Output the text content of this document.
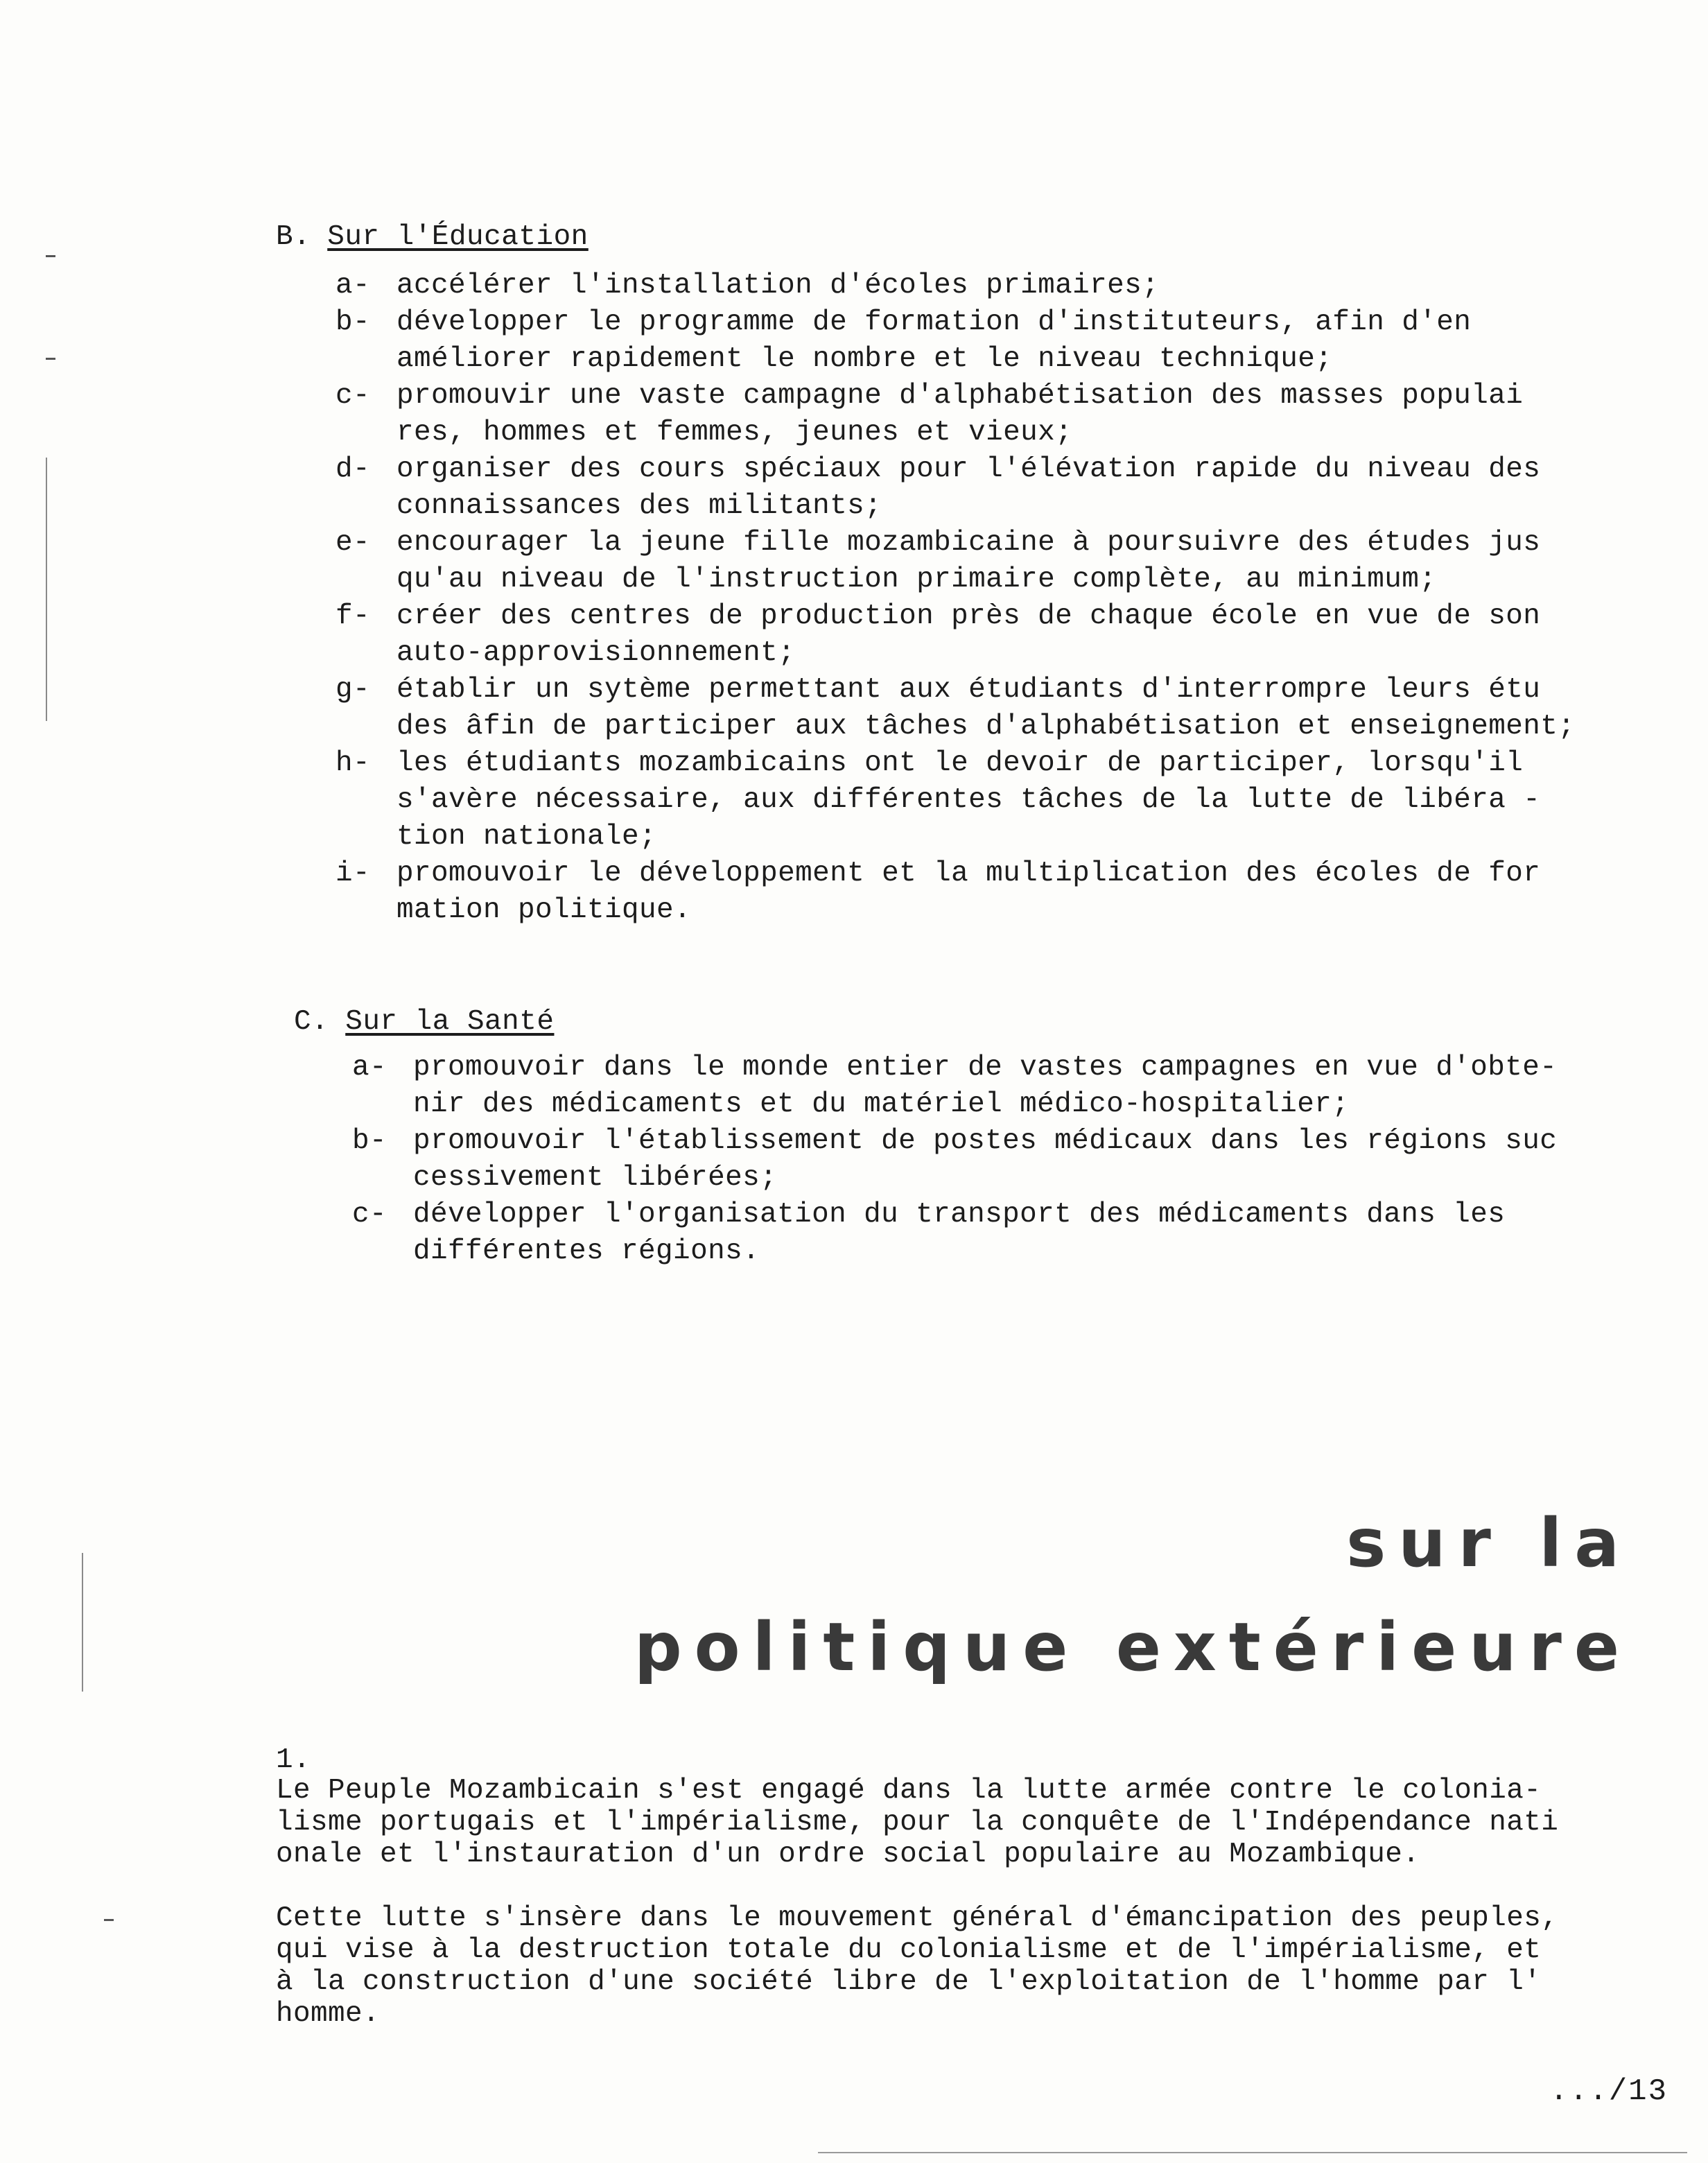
B. Sur l'Éducation
a- accélérer l'installation d'écoles primaires;
b- développer le programme de formation d'instituteurs, afin d'en
améliorer rapidement le nombre et le niveau technique;
c- promouvir une vaste campagne d'alphabétisation des masses populai
res, hommes et femmes, jeunes et vieux;
d- organiser des cours spéciaux pour l'élévation rapide du niveau des
connaissances des militants;
e- encourager la jeune fille mozambicaine à poursuivre des études jus
qu'au niveau de l'instruction primaire complète, au minimum;
f- créer des centres de production près de chaque école en vue de son
auto-approvisionnement;
g- établir un sytème permettant aux étudiants d'interrompre leurs étu
des âfin de participer aux tâches d'alphabétisation et enseignement;
h- les étudiants mozambicains ont le devoir de participer, lorsqu'il
s'avère nécessaire, aux différentes tâches de la lutte de libéra -
tion nationale;
i- promouvoir le développement et la multiplication des écoles de for
mation politique.
C. Sur la Santé
a- promouvoir dans le monde entier de vastes campagnes en vue d'obte-
nir des médicaments et du matériel médico-hospitalier;
b- promouvoir l'établissement de postes médicaux dans les régions suc
cessivement libérées;
c- développer l'organisation du transport des médicaments dans les
différentes régions.
sur la
politique extérieure
1.
Le Peuple Mozambicain s'est engagé dans la lutte armée contre le colonia-
lisme portugais et l'impérialisme, pour la conquête de l'Indépendance nati
onale et l'instauration d'un ordre social populaire au Mozambique.
Cette lutte s'insère dans le mouvement général d'émancipation des peuples,
qui vise à la destruction totale du colonialisme et de l'impérialisme, et
à la construction d'une société libre de l'exploitation de l'homme par l'
homme.
.../13
